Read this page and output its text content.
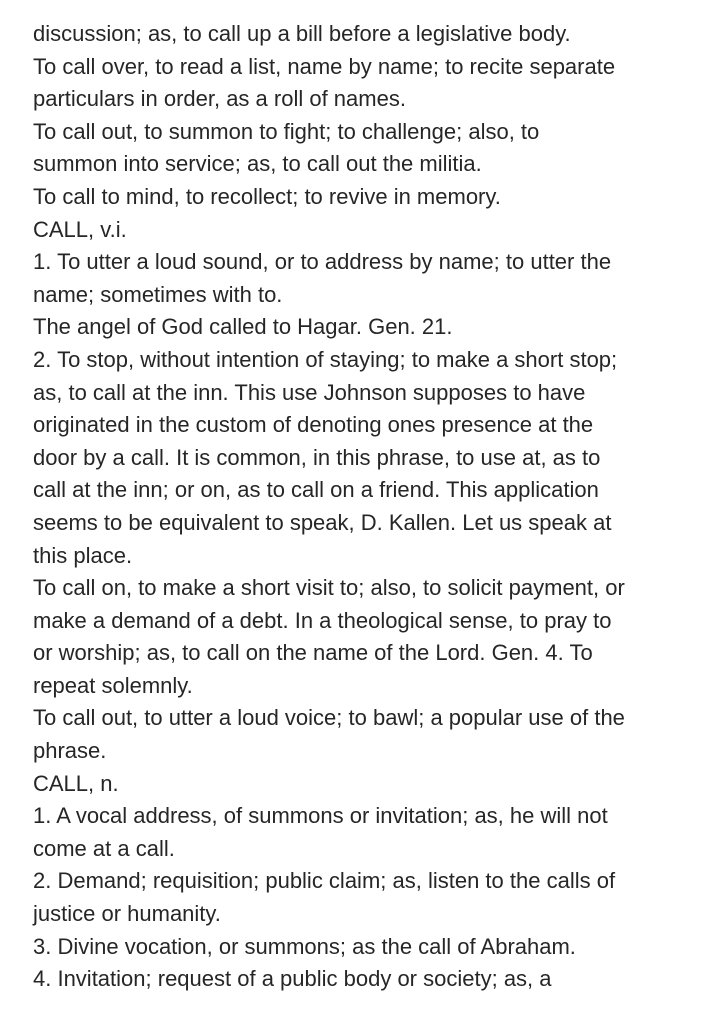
discussion; as, to call up a bill before a legislative body.

To call over, to read a list, name by name; to recite separate

particulars in order, as a roll of names.

To call out, to summon to fight; to challenge; also, to

summon into service; as, to call out the militia.

To call to mind, to recollect; to revive in memory.

CALL, v.i.

1. To utter a loud sound, or to address by name; to utter the

name; sometimes with to.

The angel of God called to Hagar. Gen. 21.

2. To stop, without intention of staying; to make a short stop;

as, to call at the inn. This use Johnson supposes to have

originated in the custom of denoting ones presence at the

door by a call. It is common, in this phrase, to use at, as to

call at the inn; or on, as to call on a friend. This application

seems to be equivalent to speak, D. Kallen. Let us speak at

this place.

To call on, to make a short visit to; also, to solicit payment, or

make a demand of a debt. In a theological sense, to pray to

or worship; as, to call on the name of the Lord. Gen. 4. To

repeat solemnly.

To call out, to utter a loud voice; to bawl; a popular use of the

phrase.

CALL, n.

1. A vocal address, of summons or invitation; as, he will not

come at a call.

2. Demand; requisition; public claim; as, listen to the calls of

justice or humanity.

3. Divine vocation, or summons; as the call of Abraham.

4. Invitation; request of a public body or society; as, a
